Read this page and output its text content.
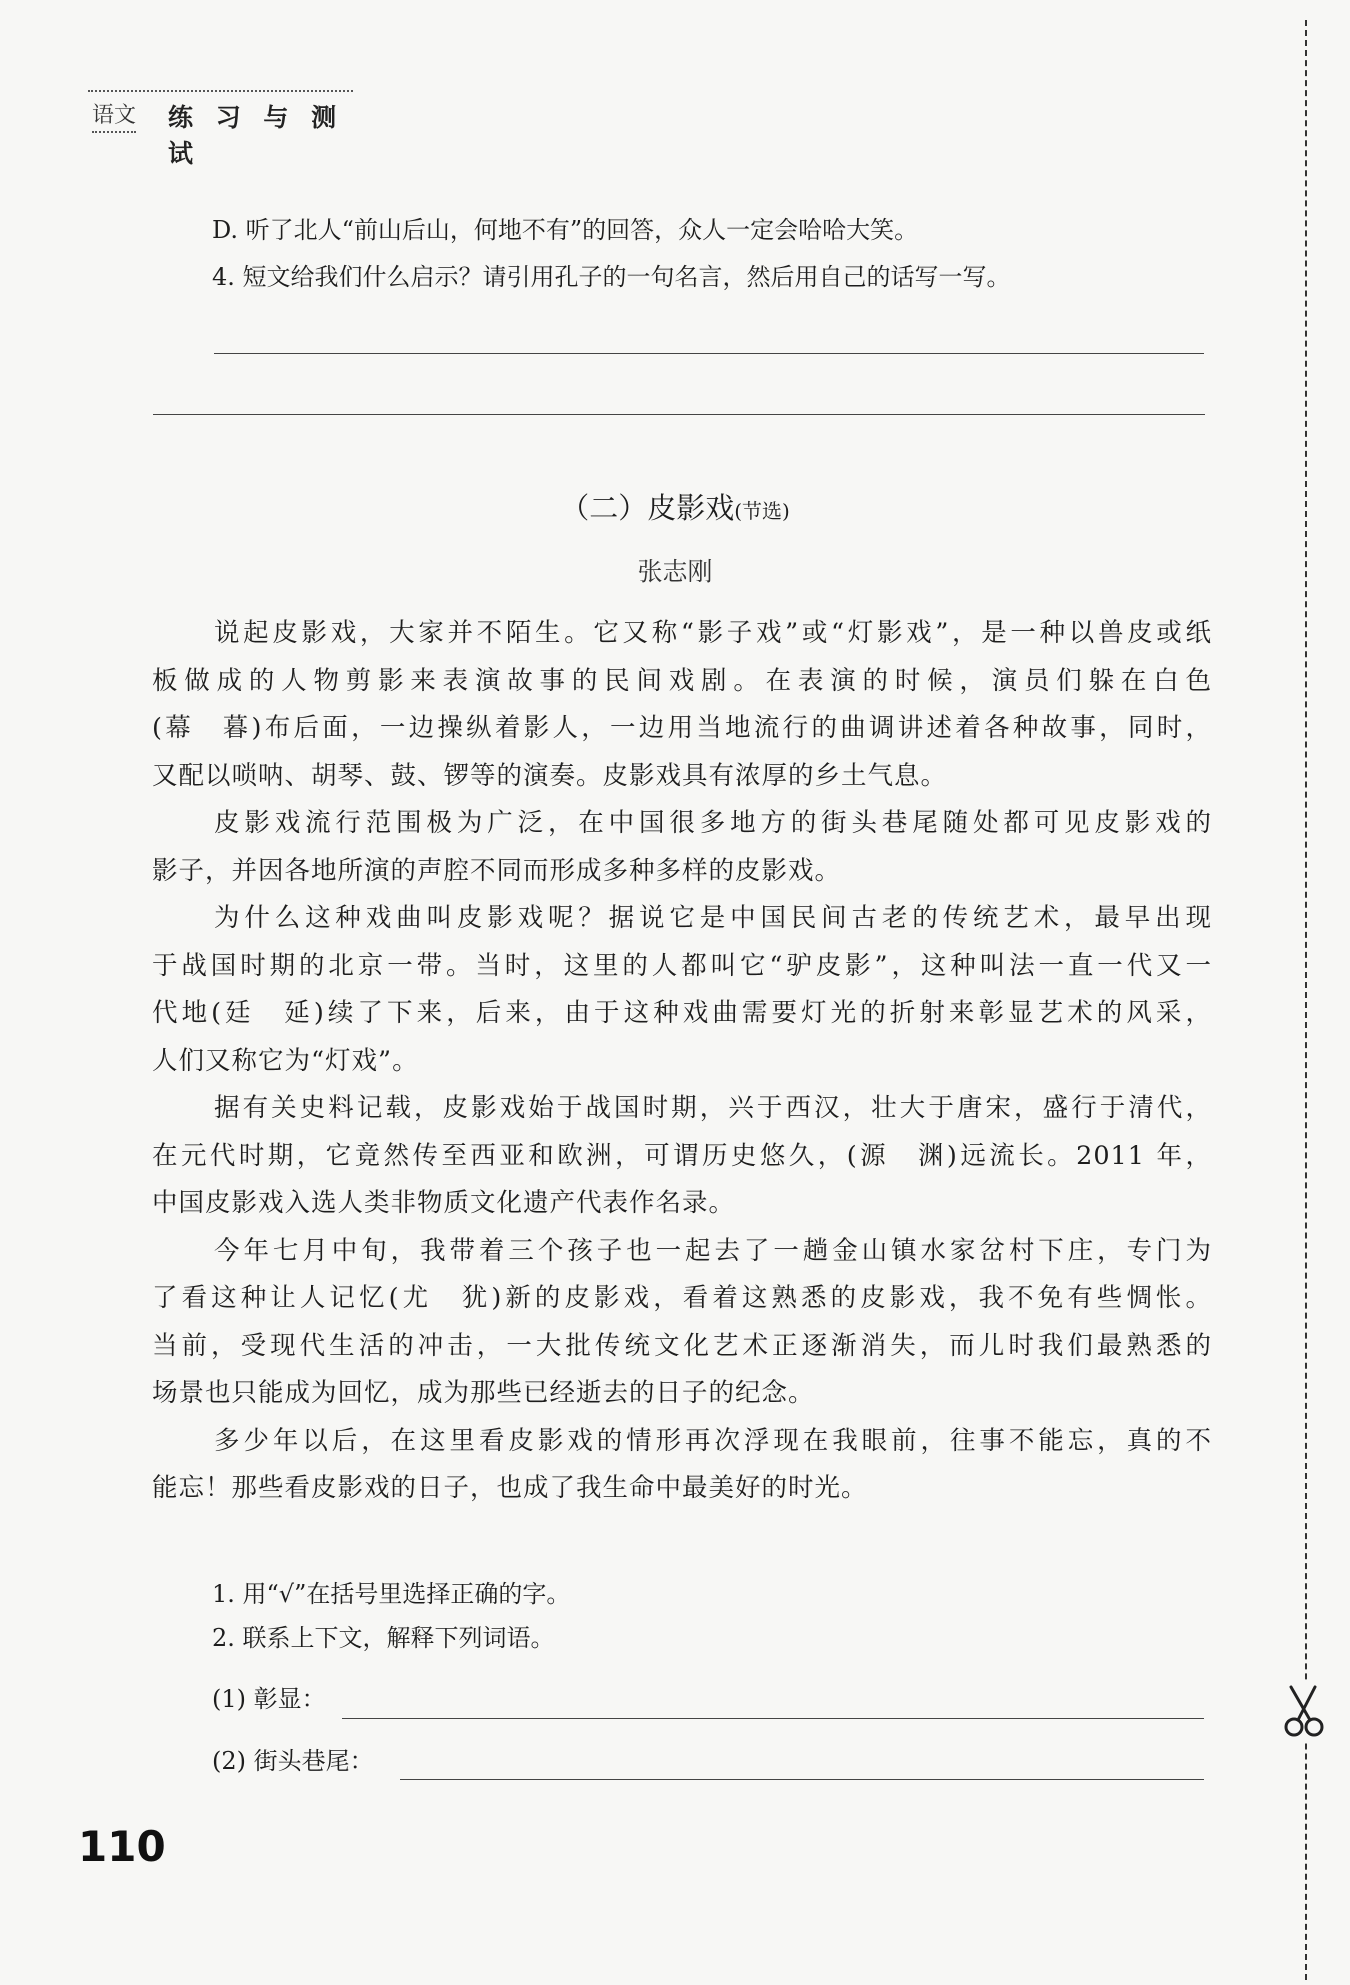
语文 练 习 与 测 试
D. 听了北人“前山后山，何地不有”的回答，众人一定会哈哈大笑。
4. 短文给我们什么启示？请引用孔子的一句名言，然后用自己的话写一写。
（二）皮影戏(节选)
张志刚
说起皮影戏，大家并不陌生。它又称“影子戏”或“灯影戏”，是一种以兽皮或纸
板做成的人物剪影来表演故事的民间戏剧。在表演的时候，演员们躲在白色
(幕　暮)布后面，一边操纵着影人，一边用当地流行的曲调讲述着各种故事，同时，
又配以唢呐、胡琴、鼓、锣等的演奏。皮影戏具有浓厚的乡土气息。
皮影戏流行范围极为广泛，在中国很多地方的街头巷尾随处都可见皮影戏的
影子，并因各地所演的声腔不同而形成多种多样的皮影戏。
为什么这种戏曲叫皮影戏呢？据说它是中国民间古老的传统艺术，最早出现
于战国时期的北京一带。当时，这里的人都叫它“驴皮影”，这种叫法一直一代又一
代地(廷　延)续了下来，后来，由于这种戏曲需要灯光的折射来彰显艺术的风采，
人们又称它为“灯戏”。
据有关史料记载，皮影戏始于战国时期，兴于西汉，壮大于唐宋，盛行于清代，
在元代时期，它竟然传至西亚和欧洲，可谓历史悠久，(源　渊)远流长。2011 年，
中国皮影戏入选人类非物质文化遗产代表作名录。
今年七月中旬，我带着三个孩子也一起去了一趟金山镇水家岔村下庄，专门为
了看这种让人记忆(尤　犹)新的皮影戏，看着这熟悉的皮影戏，我不免有些惆怅。
当前，受现代生活的冲击，一大批传统文化艺术正逐渐消失，而儿时我们最熟悉的
场景也只能成为回忆，成为那些已经逝去的日子的纪念。
多少年以后，在这里看皮影戏的情形再次浮现在我眼前，往事不能忘，真的不
能忘！那些看皮影戏的日子，也成了我生命中最美好的时光。
1. 用“√”在括号里选择正确的字。
2. 联系上下文，解释下列词语。
(1) 彰显：
(2) 街头巷尾：
110
